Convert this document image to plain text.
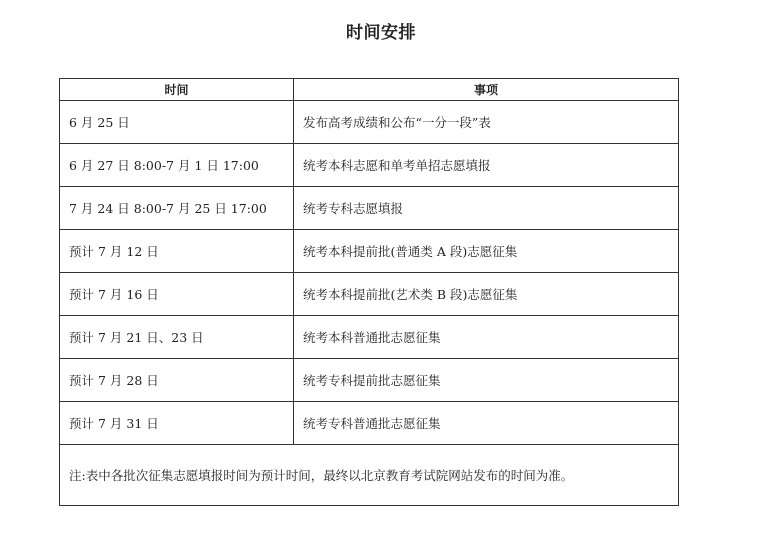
时间安排
时间	事项
6 月 25 日	发布高考成绩和公布“一分一段”表
6 月 27 日 8:00-7 月 1 日 17:00	统考本科志愿和单考单招志愿填报
7 月 24 日 8:00-7 月 25 日 17:00	统考专科志愿填报
预计 7 月 12 日	统考本科提前批(普通类 A 段)志愿征集
预计 7 月 16 日	统考本科提前批(艺术类 B 段)志愿征集
预计 7 月 21 日、23 日	统考本科普通批志愿征集
预计 7 月 28 日	统考专科提前批志愿征集
预计 7 月 31 日	统考专科普通批志愿征集
注:表中各批次征集志愿填报时间为预计时间，最终以北京教育考试院网站发布的时间为准。	
